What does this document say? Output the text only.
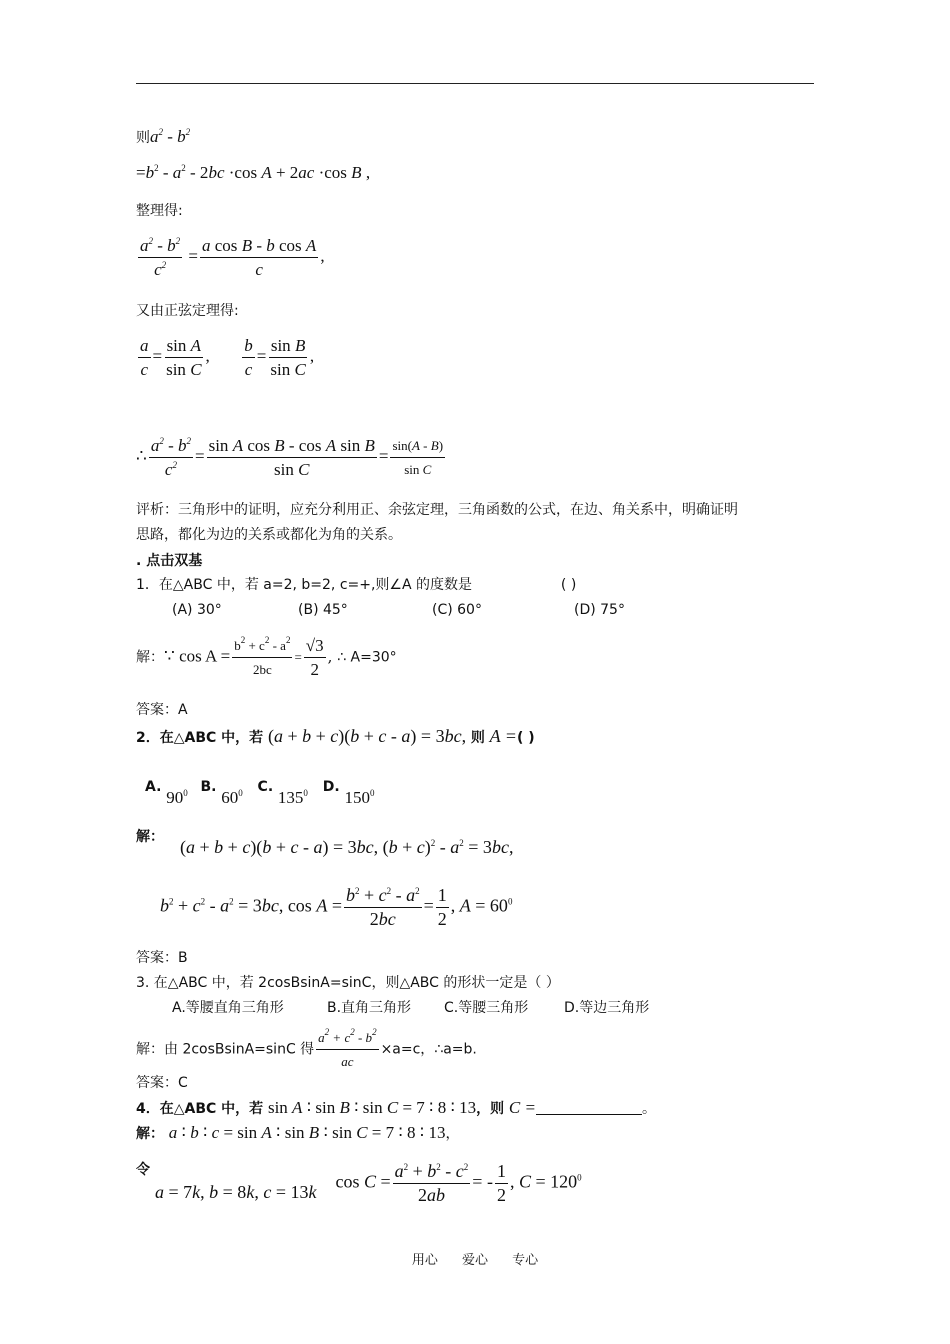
则$a^2 - b^2$
$=b^2 - a^2 - 2bc \cdot\cos$ A + 2ac ·cos B ,
整理得:
$\frac{a^2 - b^2}{c^2} = \frac{\text{a cos B - b cos A}}{c}$ ,
又由正弦定理得:
$\frac{a}{c} = \frac{\text{sin A}}{\text{sin C}}$ , $\frac{b}{c} = \frac{\text{sin B}}{\text{sin C}}$ ,
∴ $\frac{a^2 - b^2}{c^2} = \frac{\text{sin A cos B - cos A sin B}}{\text{sin C}} = \frac{\sin(A - B)}{\text{sin C}}$
评析：三角形中的证明，应充分利用正、余弦定理，三角函数的公式，在边、角关系中，明确证明
思路，都化为边的关系或都化为角的关系。
. 点击双基
1．在△ABC 中，若 a=2, b=2, c=+,则∠A 的度数是	( )
(A) 30°	(B) 45°	(C) 60°	(D) 75°
解：∵ $\cos A = \frac{b^2 + c^2 - a^2}{2bc} = \frac{√3}{2}$ , ∴ A=30°
答案：A
2．在△ABC 中，若 (a + b + c)(b + c - a) = 3bc, 则 A =( )
A. $90^0$ B. $60^0$ C. $135^0$ D. $150^0$
解： (a + b + c)(b + c - a) = 3bc, $(b + c)^2 - a^2 = 3bc$,
$b^2 + c^2 - a^2 = 3bc$, $\cos A = \frac{b^2 + c^2 - a^2}{2bc} = \frac{1}{2}$ , $A = 60^0$
答案：B
3. 在△ABC 中，若 2cosBsinA=sinC，则△ABC 的形状一定是（ ）
A.等腰直角三角形	B.直角三角形 C.等腰三角形	D.等边三角形
解：由 2cosBsinA=sinC 得 $\frac{a^2 + c^2 - b^2}{ac} \times a=c$，∴a=b.
答案：C
4．在△ABC 中，若 sin A ∶ sin B ∶ sin C = 7 ∶ 8 ∶ 13，则 C =	。
解： a ∶ b ∶ c = sin A ∶ sin B ∶ sin C = 7 ∶ 8 ∶ 13，
令
a = 7k, b = 8k, c = 13k  $\cos C = \frac{a^2 + b^2 - c^2}{2ab}$ = - $\frac{1}{2}$ , $C = 120^0$
用心 爱心 专心
